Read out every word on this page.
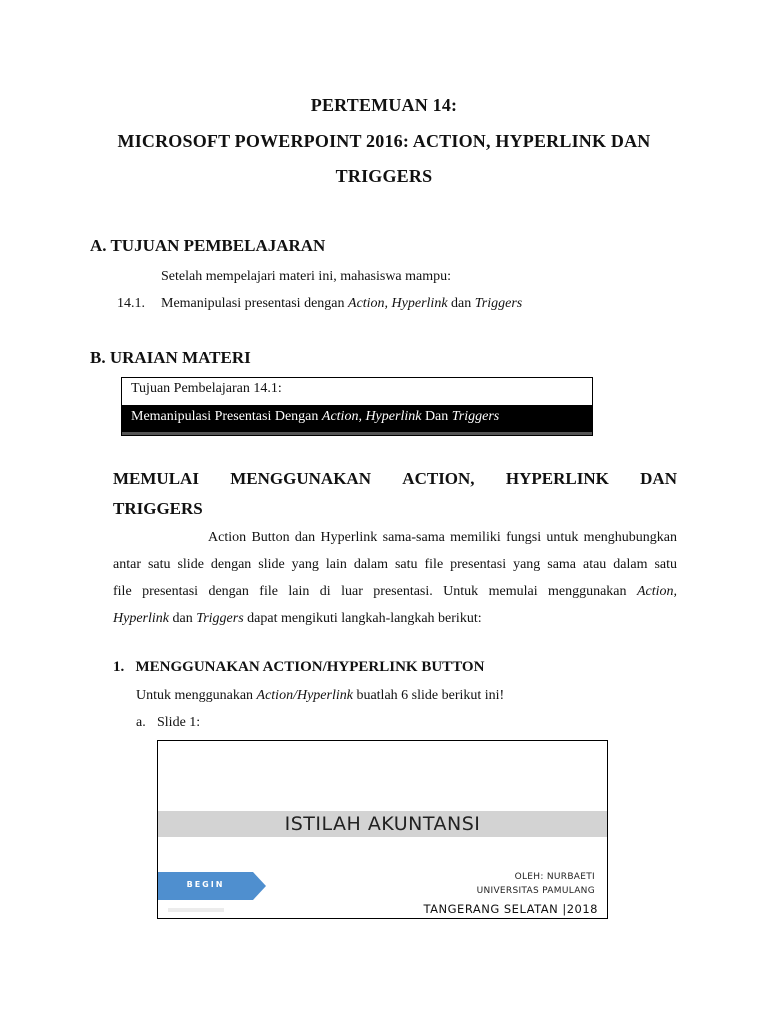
PERTEMUAN 14:
MICROSOFT POWERPOINT 2016: ACTION, HYPERLINK DAN
TRIGGERS
A. TUJUAN PEMBELAJARAN
Setelah mempelajari materi ini, mahasiswa mampu:
14.1. Memanipulasi presentasi dengan Action, Hyperlink dan Triggers
B. URAIAN MATERI
Tujuan Pembelajaran 14.1:
Memanipulasi Presentasi Dengan Action, Hyperlink Dan Triggers
MEMULAI MENGGUNAKAN ACTION, HYPERLINK DAN
TRIGGERS
Action Button dan Hyperlink sama-sama memiliki fungsi untuk menghubungkan
antar satu slide dengan slide yang lain dalam satu file presentasi yang sama atau dalam satu
file presentasi dengan file lain di luar presentasi. Untuk memulai menggunakan Action,
Hyperlink dan Triggers dapat mengikuti langkah-langkah berikut:
1.   MENGGUNAKAN ACTION/HYPERLINK BUTTON
Untuk menggunakan Action/Hyperlink buatlah 6 slide berikut ini!
a. Slide 1:
ISTILAH AKUNTANSI
BEGIN
OLEH: NURBAETI
UNIVERSITAS PAMULANG
TANGERANG SELATAN |2018
